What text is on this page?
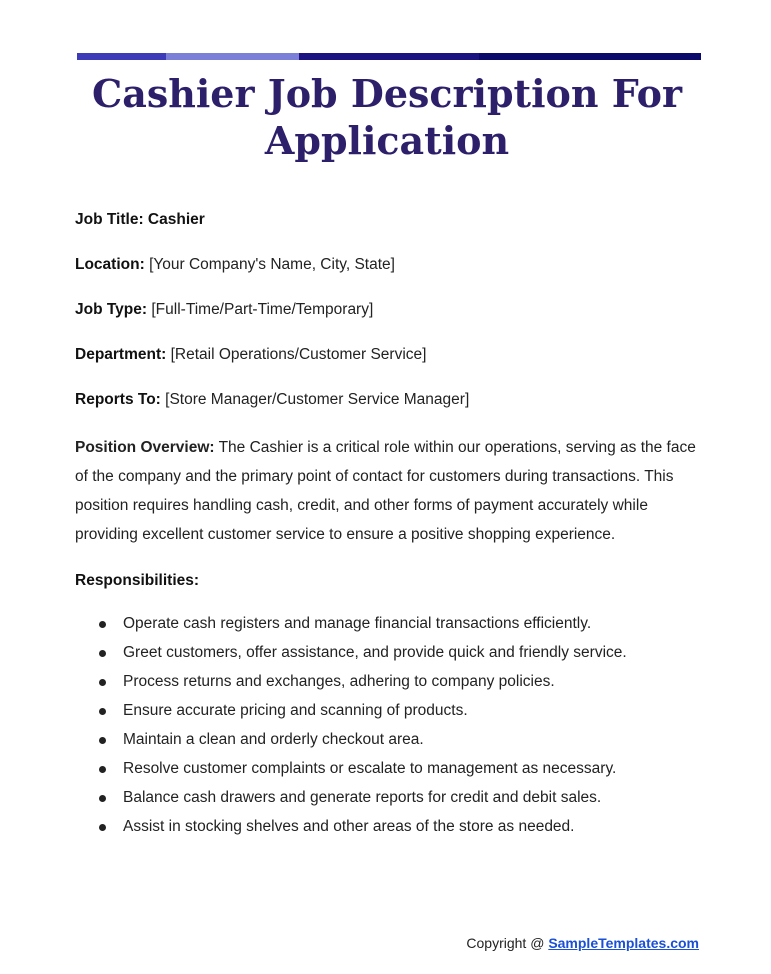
Cashier Job Description For Application
Job Title: Cashier
Location: [Your Company's Name, City, State]
Job Type: [Full-Time/Part-Time/Temporary]
Department: [Retail Operations/Customer Service]
Reports To: [Store Manager/Customer Service Manager]

Position Overview: The Cashier is a critical role within our operations, serving as the face of the company and the primary point of contact for customers during transactions. This position requires handling cash, credit, and other forms of payment accurately while providing excellent customer service to ensure a positive shopping experience.

Responsibilities:
Operate cash registers and manage financial transactions efficiently.
Greet customers, offer assistance, and provide quick and friendly service.
Process returns and exchanges, adhering to company policies.
Ensure accurate pricing and scanning of products.
Maintain a clean and orderly checkout area.
Resolve customer complaints or escalate to management as necessary.
Balance cash drawers and generate reports for credit and debit sales.
Assist in stocking shelves and other areas of the store as needed.
Copyright @ SampleTemplates.com
